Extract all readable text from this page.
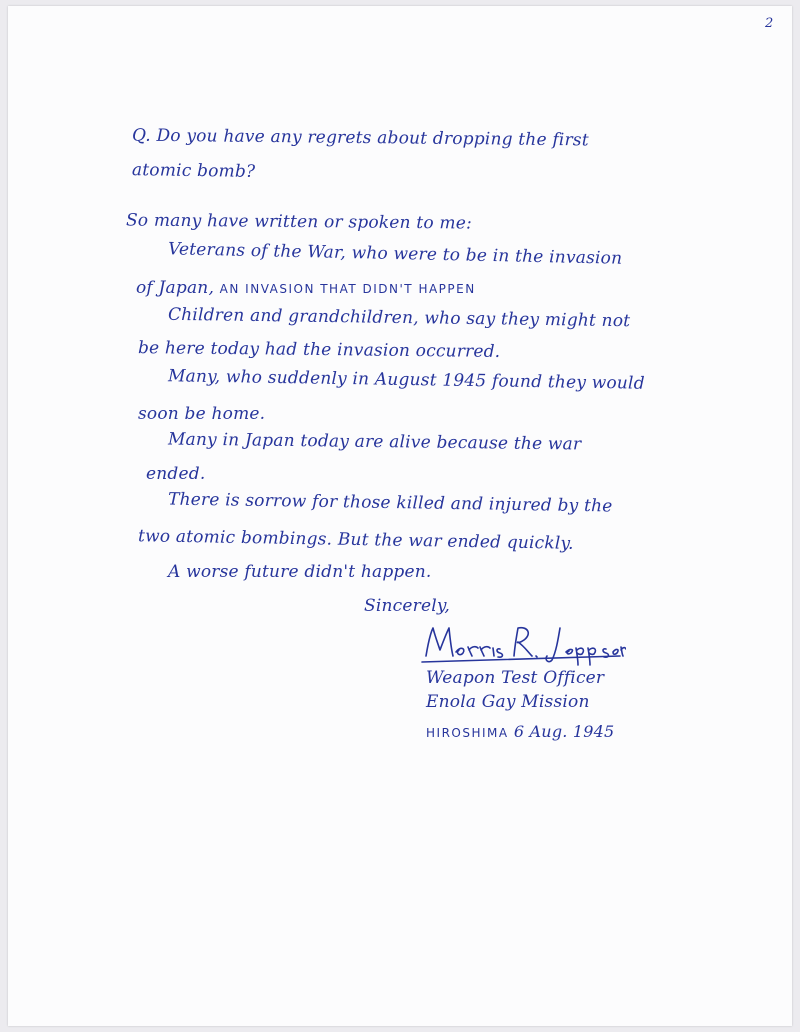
2

Q. Do you have any regrets about dropping the first

atomic bomb?

So many have written or spoken to me:

Veterans of the War, who were to be in the invasion

of Japan, AN INVASION THAT DIDN'T HAPPEN

Children and grandchildren, who say they might not

be here today had the invasion occurred.

Many, who suddenly in August 1945 found they would

soon be home.

Many in Japan today are alive because the war

ended.

There is sorrow for those killed and injured by the

two atomic bombings. But the war ended quickly.

A worse future didn't happen.

Sincerely,

Weapon Test Officer

Enola Gay Mission

HIROSHIMA 6 Aug. 1945
